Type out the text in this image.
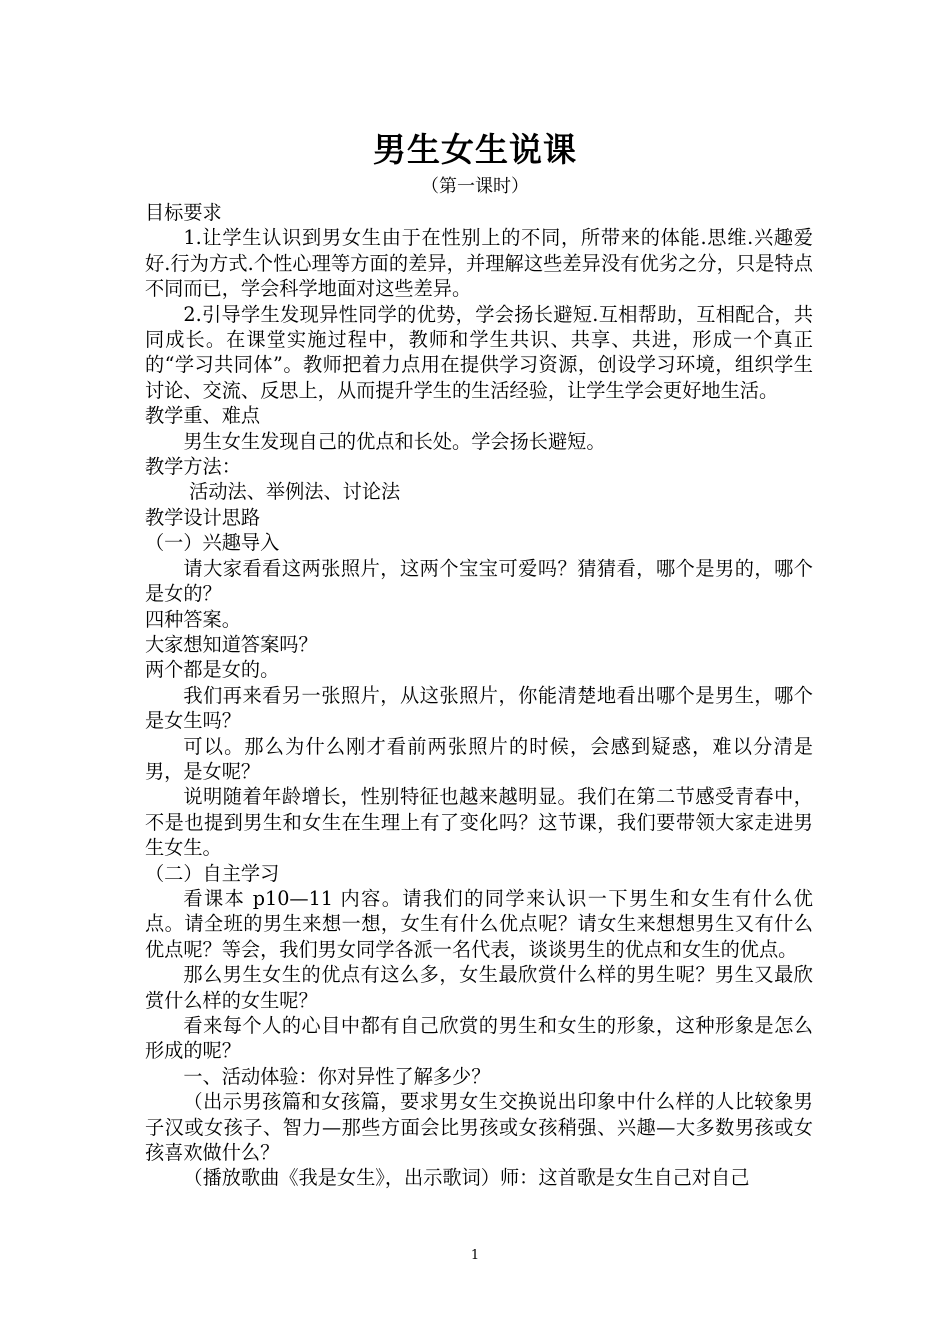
男生女生说课
（第一课时）

目标要求

1.让学生认识到男女生由于在性别上的不同，所带来的体能.思维.兴趣爱好.行为方式.个性心理等方面的差异，并理解这些差异没有优劣之分，只是特点不同而已，学会科学地面对这些差异。

2.引导学生发现异性同学的优势，学会扬长避短.互相帮助，互相配合，共同成长。在课堂实施过程中，教师和学生共识、共享、共进，形成一个真正的“学习共同体”。教师把着力点用在提供学习资源，创设学习环境，组织学生讨论、交流、反思上，从而提升学生的生活经验，让学生学会更好地生活。

教学重、难点

男生女生发现自己的优点和长处。学会扬长避短。

教学方法：

活动法、举例法、讨论法

教学设计思路

（一）兴趣导入

请大家看看这两张照片，这两个宝宝可爱吗？猜猜看，哪个是男的，哪个是女的？

四种答案。

大家想知道答案吗？

两个都是女的。

我们再来看另一张照片，从这张照片，你能清楚地看出哪个是男生，哪个是女生吗？

可以。那么为什么刚才看前两张照片的时候，会感到疑惑，难以分清是男，是女呢？

说明随着年龄增长，性别特征也越来越明显。我们在第二节感受青春中，不是也提到男生和女生在生理上有了变化吗？这节课，我们要带领大家走进男生女生。

（二）自主学习

看课本 p10—11 内容。请我们的同学来认识一下男生和女生有什么优点。请全班的男生来想一想，女生有什么优点呢？请女生来想想男生又有什么优点呢？等会，我们男女同学各派一名代表，谈谈男生的优点和女生的优点。

那么男生女生的优点有这么多，女生最欣赏什么样的男生呢？男生又最欣赏什么样的女生呢？

看来每个人的心目中都有自己欣赏的男生和女生的形象，这种形象是怎么形成的呢？

一、活动体验：你对异性了解多少？

（出示男孩篇和女孩篇，要求男女生交换说出印象中什么样的人比较象男子汉或女孩子、智力—那些方面会比男孩或女孩稍强、兴趣—大多数男孩或女孩喜欢做什么？

（播放歌曲《我是女生》，出示歌词）师：这首歌是女生自己对自己

1
